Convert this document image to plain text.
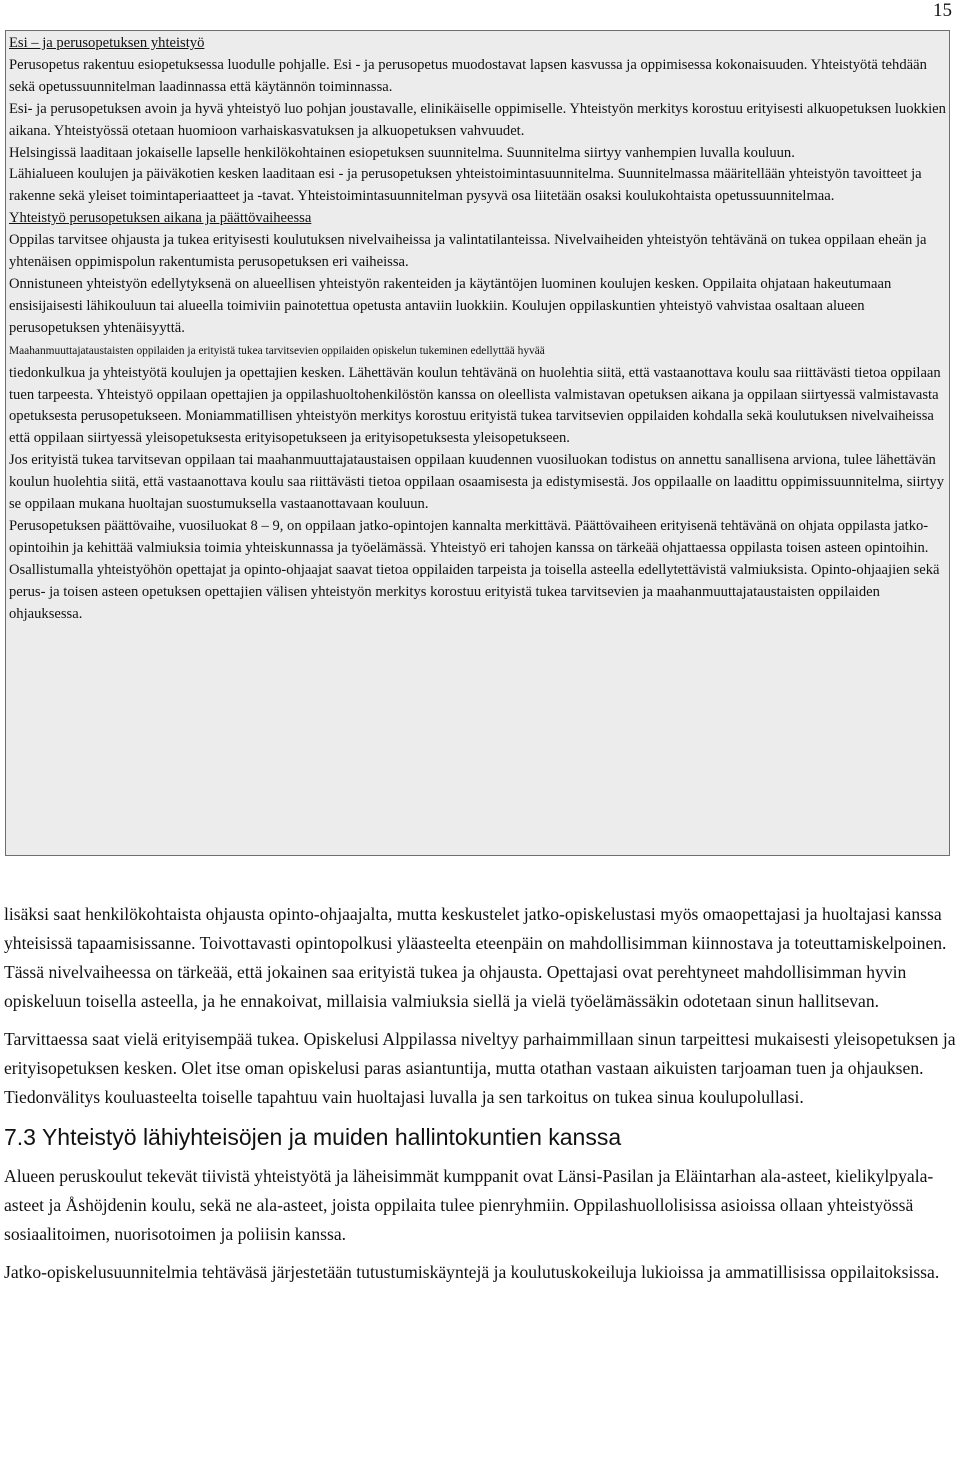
15

Esi – ja perusopetuksen yhteistyö

Perusopetus rakentuu esiopetuksessa luodulle pohjalle. Esi - ja perusopetus muodostavat lapsen kasvussa ja oppimisessa kokonaisuuden. Yhteistyötä tehdään sekä opetussuunnitelman laadinnassa että käytännön toiminnassa.

Esi- ja perusopetuksen avoin ja hyvä yhteistyö luo pohjan joustavalle, elinikäiselle oppimiselle. Yhteistyön merkitys korostuu erityisesti alkuopetuksen luokkien aikana. Yhteistyössä otetaan huomioon varhaiskasvatuksen ja alkuopetuksen vahvuudet.

Helsingissä laaditaan jokaiselle lapselle henkilökohtainen esiopetuksen suunnitelma. Suunnitelma siirtyy vanhempien luvalla kouluun.

Lähialueen koulujen ja päiväkotien kesken laaditaan esi - ja perusopetuksen yhteistoimintasuunnitelma. Suunnitelmassa määritellään yhteistyön tavoitteet ja rakenne sekä yleiset toimintaperiaatteet ja -tavat. Yhteistoimintasuunnitelman pysyvä osa liitetään osaksi koulukohtaista opetussuunnitelmaa.

Yhteistyö perusopetuksen aikana ja päättövaiheessa

Oppilas tarvitsee ohjausta ja tukea erityisesti koulutuksen nivelvaiheissa ja valintatilanteissa. Nivelvaiheiden yhteistyön tehtävänä on tukea oppilaan eheän ja yhtenäisen oppimispolun rakentumista perusopetuksen eri vaiheissa.

Onnistuneen yhteistyön edellytyksenä on alueellisen yhteistyön rakenteiden ja käytäntöjen luominen koulujen kesken. Oppilaita ohjataan hakeutumaan ensisijaisesti lähikouluun tai alueella toimiviin painotettua opetusta antaviin luokkiin. Koulujen oppilaskuntien yhteistyö vahvistaa osaltaan alueen perusopetuksen yhtenäisyyttä.

Maahanmuuttajataustaisten oppilaiden ja erityistä tukea tarvitsevien oppilaiden opiskelun tukeminen edellyttää hyvää
tiedonkulkua ja yhteistyötä koulujen ja opettajien kesken. Lähettävän koulun tehtävänä on huolehtia siitä, että vastaanottava koulu saa riittävästi tietoa oppilaan tuen tarpeesta. Yhteistyö oppilaan opettajien ja oppilashuoltohenkilöstön kanssa on oleellista valmistavan opetuksen aikana ja oppilaan siirtyessä valmistavasta opetuksesta perusopetukseen. Moniammatillisen yhteistyön merkitys korostuu erityistä tukea tarvitsevien oppilaiden kohdalla sekä koulutuksen nivelvaiheissa että oppilaan siirtyessä yleisopetuksesta erityisopetukseen ja erityisopetuksesta yleisopetukseen.

Jos erityistä tukea tarvitsevan oppilaan tai maahanmuuttajataustaisen oppilaan kuudennen vuosiluokan todistus on annettu sanallisena arviona, tulee lähettävän koulun huolehtia siitä, että vastaanottava koulu saa riittävästi tietoa oppilaan osaamisesta ja edistymisestä. Jos oppilaalle on laadittu oppimissuunnitelma, siirtyy se oppilaan mukana huoltajan suostumuksella vastaanottavaan kouluun.

Perusopetuksen päättövaihe, vuosiluokat 8 – 9, on oppilaan jatko-opintojen kannalta merkittävä. Päättövaiheen erityisenä tehtävänä on ohjata oppilasta jatko-opintoihin ja kehittää valmiuksia toimia yhteiskunnassa ja työelämässä. Yhteistyö eri tahojen kanssa on tärkeää ohjattaessa oppilasta toisen asteen opintoihin. Osallistumalla yhteistyöhön opettajat ja opinto-ohjaajat saavat tietoa oppilaiden tarpeista ja toisella asteella edellytettävistä valmiuksista. Opinto-ohjaajien sekä perus- ja toisen asteen opetuksen opettajien välisen yhteistyön merkitys korostuu erityistä tukea tarvitsevien ja maahanmuuttajataustaisten oppilaiden ohjauksessa.

lisäksi saat henkilökohtaista ohjausta opinto-ohjaajalta, mutta keskustelet jatko-opiskelustasi myös omaopettajasi ja huoltajasi kanssa yhteisissä tapaamisissanne. Toivottavasti opintopolkusi yläasteelta eteenpäin on mahdollisimman kiinnostava ja toteuttamiskelpoinen. Tässä nivelvaiheessa on tärkeää, että jokainen saa erityistä tukea ja ohjausta. Opettajasi ovat perehtyneet mahdollisimman hyvin opiskeluun toisella asteella, ja he ennakoivat, millaisia valmiuksia siellä ja vielä työelämässäkin odotetaan sinun hallitsevan.

Tarvittaessa saat vielä erityisempää tukea. Opiskelusi Alppilassa niveltyy parhaimmillaan sinun tarpeittesi mukaisesti yleisopetuksen ja erityisopetuksen kesken. Olet itse oman opiskelusi paras asiantuntija, mutta otathan vastaan aikuisten tarjoaman tuen ja ohjauksen. Tiedonvälitys kouluasteelta toiselle tapahtuu vain huoltajasi luvalla ja sen tarkoitus on tukea sinua koulupolullasi.

7.3 Yhteistyö lähiyhteisöjen ja muiden hallintokuntien kanssa

Alueen peruskoulut tekevät tiivistä yhteistyötä ja läheisimmät kumppanit ovat Länsi-Pasilan ja Eläintarhan ala-asteet, kielikylpyala-asteet ja Åshöjdenin koulu, sekä ne ala-asteet, joista oppilaita tulee pienryhmiin. Oppilashuollolisissa asioissa ollaan yhteistyössä sosiaalitoimen, nuorisotoimen ja poliisin kanssa.

Jatko-opiskelusuunnitelmia tehtäväsä järjestetään tutustumiskäyntejä ja koulutuskokeiluja lukioissa ja ammatillisissa oppilaitoksissa.
